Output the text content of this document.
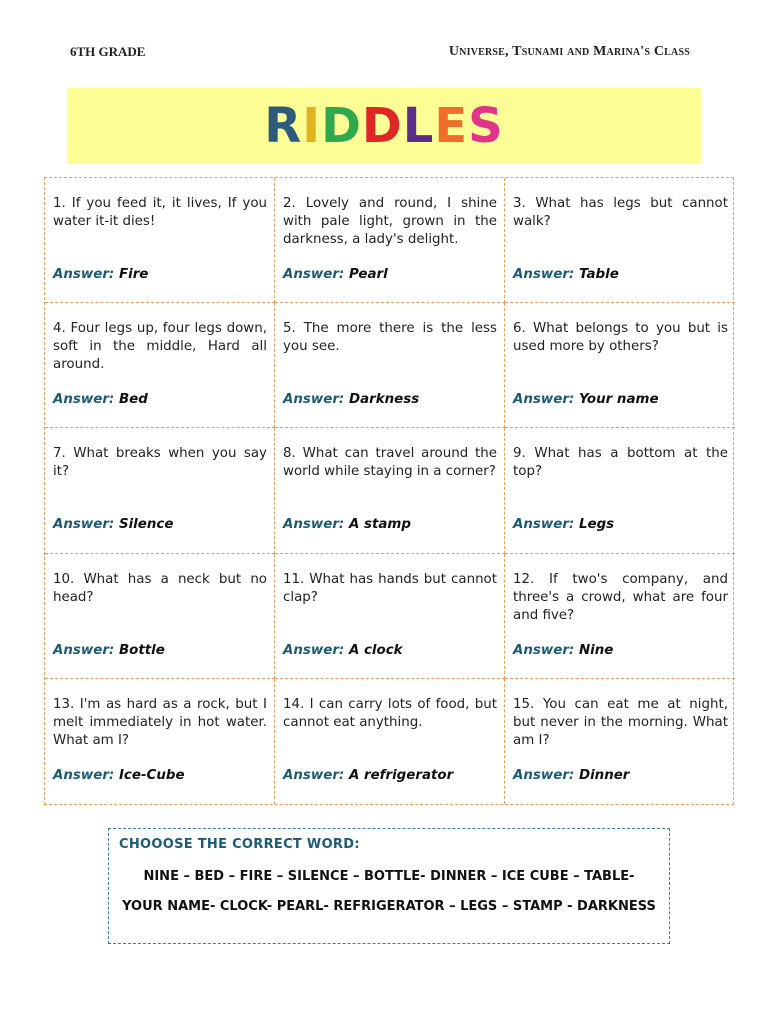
6TH GRADE	Universe, Tsunami and Marina's Class
RIDDLES

1. If you feed it, it lives, If you water it-it dies!

Answer: Fire

2. Lovely and round, I shine with pale light, grown in the darkness, a lady's delight.

Answer: Pearl

3. What has legs but cannot walk?

Answer: Table

4. Four legs up, four legs down, soft in the middle, Hard all around.

Answer: Bed

5. The more there is the less you see.

Answer: Darkness

6. What belongs to you but is used more by others?

Answer: Your name

7. What breaks when you say it?

Answer: Silence

8. What can travel around the world while staying in a corner?

Answer: A stamp

9. What has a bottom at the top?

Answer: Legs

10. What has a neck but no head?

Answer: Bottle

11. What has hands but cannot clap?

Answer: A clock

12. If two's company, and three's a crowd, what are four and five?

Answer: Nine

13. I'm as hard as a rock, but I melt immediately in hot water. What am I?

Answer: Ice-Cube

14. I can carry lots of food, but cannot eat anything.

Answer: A refrigerator

15. You can eat me at night, but never in the morning. What am I?

Answer: Dinner
CHOOOSE THE CORRECT WORD:
NINE – BED – FIRE – SILENCE – BOTTLE- DINNER – ICE CUBE – TABLE-
YOUR NAME- CLOCK- PEARL- REFRIGERATOR – LEGS – STAMP - DARKNESS
